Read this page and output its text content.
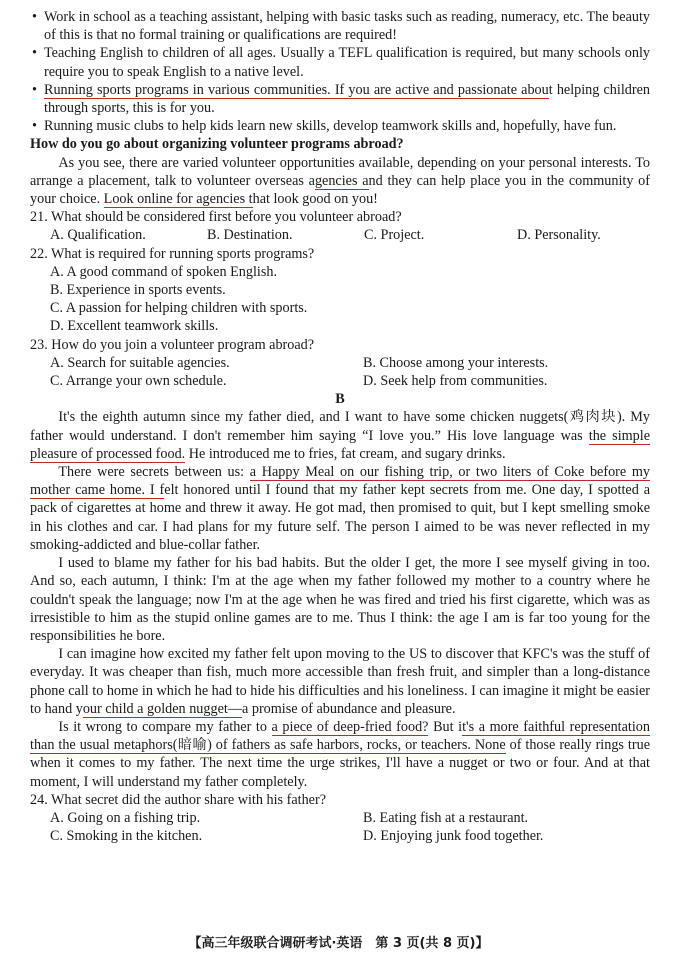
• Work in school as a teaching assistant, helping with basic tasks such as reading, numeracy, etc. The beauty of this is that no formal training or qualifications are required!
• Teaching English to children of all ages. Usually a TEFL qualification is required, but many schools only require you to speak English to a native level.
• Running sports programs in various communities. If you are active and passionate about helping children through sports, this is for you.
• Running music clubs to help kids learn new skills, develop teamwork skills and, hopefully, have fun.
How do you go about organizing volunteer programs abroad?
As you see, there are varied volunteer opportunities available, depending on your personal interests. To arrange a placement, talk to volunteer overseas agencies and they can help place you in the community of your choice. Look online for agencies that look good on you!
21. What should be considered first before you volunteer abroad?
A. Qualification.	B. Destination.	C. Project.	D. Personality.
22. What is required for running sports programs?
A. A good command of spoken English.
B. Experience in sports events.
C. A passion for helping children with sports.
D. Excellent teamwork skills.
23. How do you join a volunteer program abroad?
A. Search for suitable agencies.	B. Choose among your interests.
C. Arrange your own schedule.	D. Seek help from communities.
B
It's the eighth autumn since my father died, and I want to have some chicken nuggets(鸡肉块). My father would understand. I don't remember him saying “I love you.” His love language was the simple pleasure of processed food. He introduced me to fries, fat cream, and sugary drinks.
There were secrets between us: a Happy Meal on our fishing trip, or two liters of Coke before my mother came home. I felt honored until I found that my father kept secrets from me. One day, I spotted a pack of cigarettes at home and threw it away. He got mad, then promised to quit, but I kept smelling smoke in his clothes and car. I had plans for my future self. The person I aimed to be was never reflected in my smoking-addicted and blue-collar father.
I used to blame my father for his bad habits. But the older I get, the more I see myself giving in too. And so, each autumn, I think: I'm at the age when my father followed my mother to a country where he couldn't speak the language; now I'm at the age when he was fired and tried his first cigarette, which was as irresistible to him as the stupid online games are to me. Thus I think: the age I am is far too young for the responsibilities he bore.
I can imagine how excited my father felt upon moving to the US to discover that KFC's was the stuff of everyday. It was cheaper than fish, much more accessible than fresh fruit, and simpler than a long-distance phone call to home in which he had to hide his difficulties and his loneliness. I can imagine it might be easier to hand your child a golden nugget—a promise of abundance and pleasure.
Is it wrong to compare my father to a piece of deep-fried food? But it's a more faithful representation than the usual metaphors(暗喻) of fathers as safe harbors, rocks, or teachers. None of those really rings true when it comes to my father. The next time the urge strikes, I'll have a nugget or two or four. And at that moment, I will understand my father completely.
24. What secret did the author share with his father?
A. Going on a fishing trip.	B. Eating fish at a restaurant.
C. Smoking in the kitchen.	D. Enjoying junk food together.
【高三年级联合调研考试·英语　第 3 页(共 8 页)】
